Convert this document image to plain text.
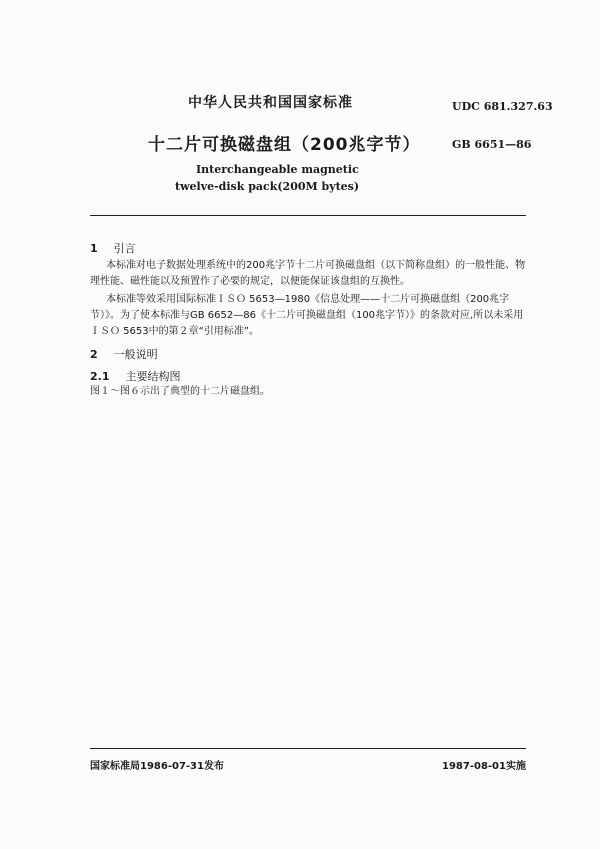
中华人民共和国国家标准	UDC 681.327.63
十二片可换磁盘组（200兆字节）	GB 6651—86
Interchangeable magnetic
twelve-disk pack(200M bytes)
1 引言
本标准对电子数据处理系统中的200兆字节十二片可换磁盘组（以下简称盘组）的一般性能、物理性能、磁性能以及预置作了必要的规定，以便能保证该盘组的互换性。
本标准等效采用国际标准ＩＳＯ 5653—1980《信息处理——十二片可换磁盘组（200兆字节）》。为了使本标准与GB 6652—86《十二片可换磁盘组（100兆字节）》的条款对应,所以未采用ＩＳＯ 5653中的第２章“引用标准”。
2 一般说明
2.1 主要结构图
图１～图６示出了典型的十二片磁盘组。
国家标准局1986-07-31发布	1987-08-01实施
